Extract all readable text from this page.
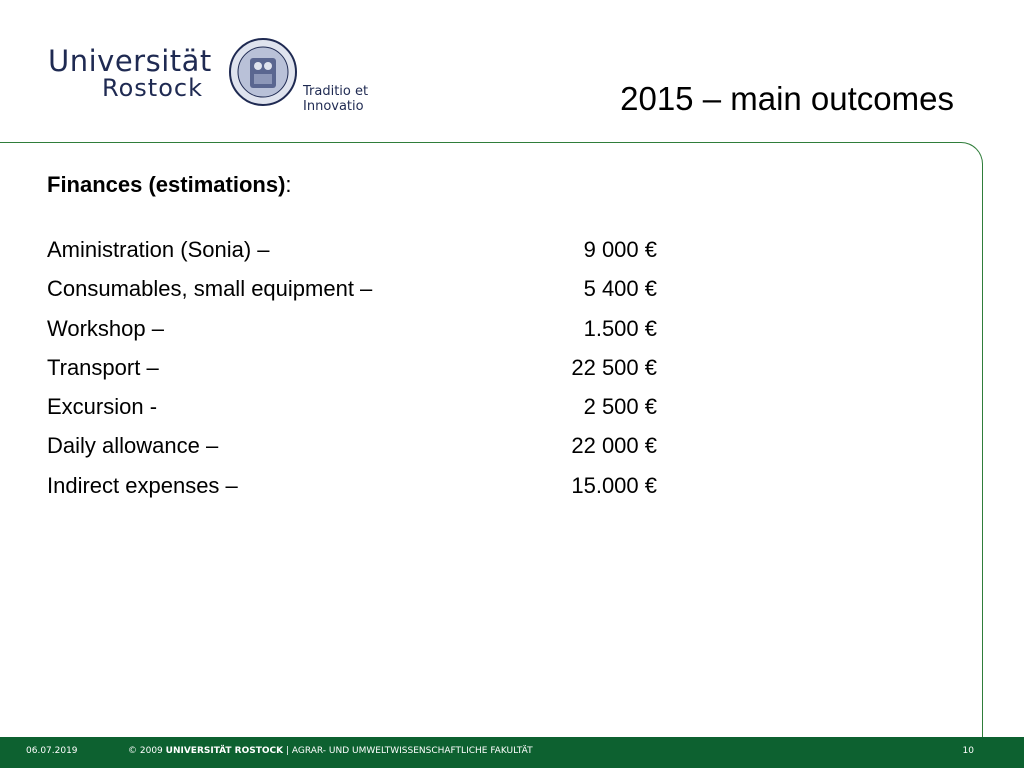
Universität
Rostock	Traditio et Innovatio	2015 – main outcomes
Finances (estimations):
Aministration (Sonia) –	9 000 €
Consumables, small equipment –	5 400 €
Workshop –	1.500 €
Transport –	22 500 €
Excursion -	2 500 €
Daily allowance –	22 000 €
Indirect expenses –	15.000 €
06.07.2019	© 2009 UNIVERSITÄT ROSTOCK | AGRAR- UND UMWELTWISSENSCHAFTLICHE FAKULTÄT	10
